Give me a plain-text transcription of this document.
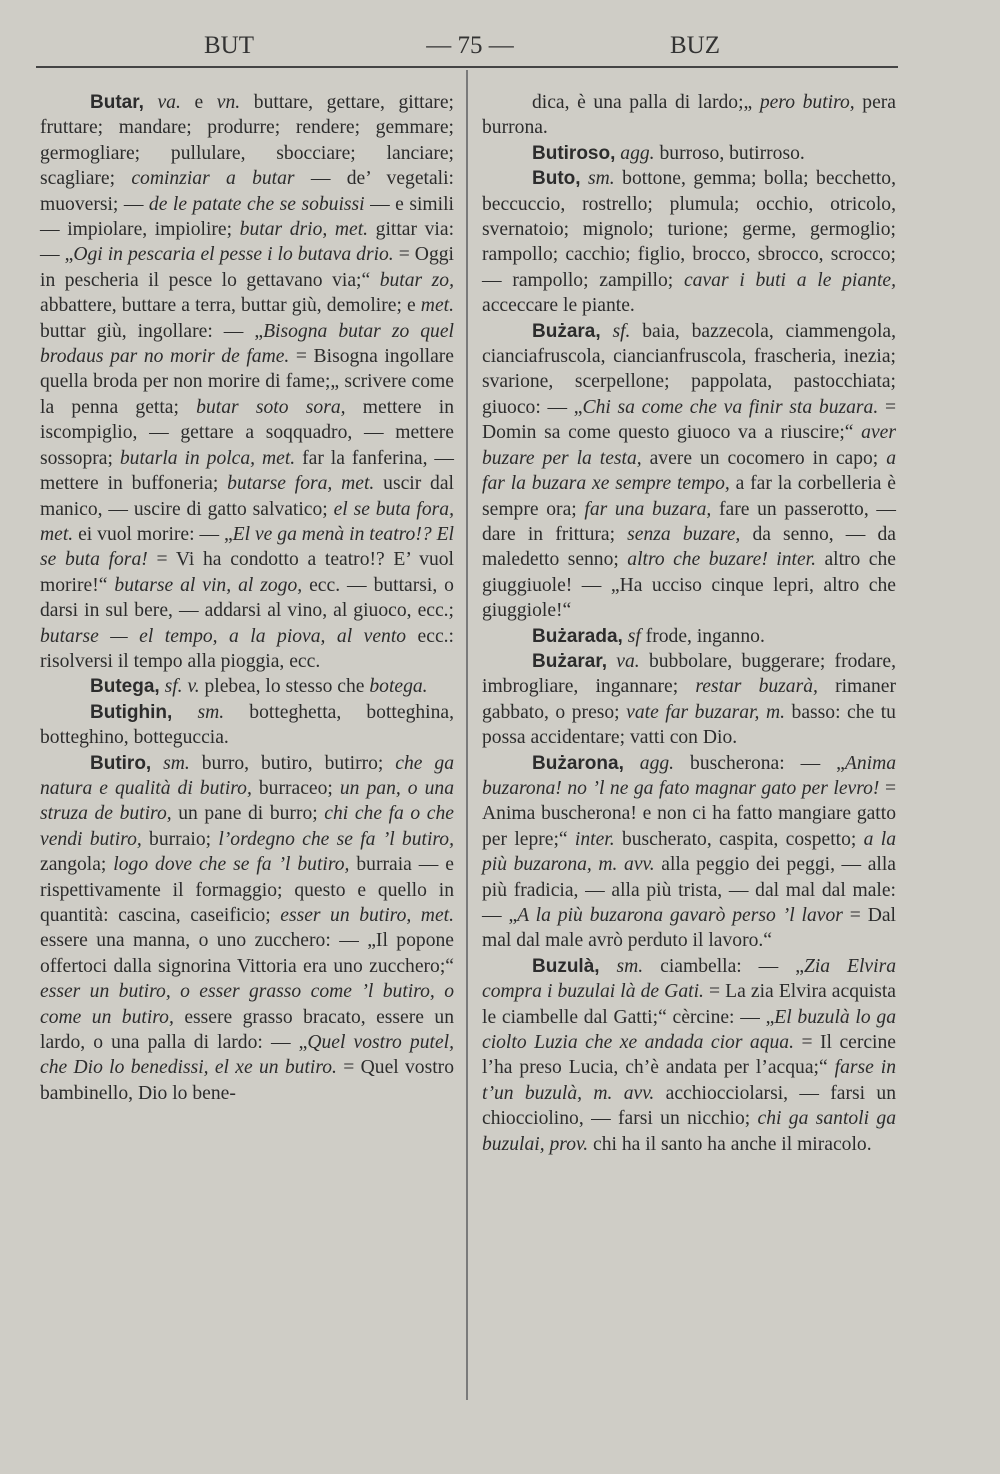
BUT	— 75 —	BUZ

Butar, va. e vn. buttare, gettare, gittare; fruttare; mandare; produrre; rendere; gemmare; germogliare; pullulare, sbocciare; lanciare; scagliare; cominziar a butar — de’ vegetali: muoversi; — de le patate che se sobuissi — e simili — impiolare, impiolire; butar drio, met. gittar via: — „Ogi in pescaria el pesse i lo butava drio. = Oggi in pescheria il pesce lo gettavano via;“ butar zo, abbattere, buttare a terra, buttar giù, demolire; e met. buttar giù, ingollare: — „Bisogna butar zo quel brodaus par no morir de fame. = Bisogna ingollare quella broda per non morire di fame;„ scrivere come la penna getta; butar soto sora, mettere in iscompiglio, — gettare a soqquadro, — mettere sossopra; butarla in polca, met. far la fanferina, — mettere in buffoneria; butarse fora, met. uscir dal manico, — uscire di gatto salvatico; el se buta fora, met. ei vuol morire: — „El ve ga menà in teatro!? El se buta fora! = Vi ha condotto a teatro!? E’ vuol morire!“ butarse al vin, al zogo, ecc. — buttarsi, o darsi in sul bere, — addarsi al vino, al giuoco, ecc.; butarse — el tempo, a la piova, al vento ecc.: risolversi il tempo alla pioggia, ecc.

Butega, sf. v. plebea, lo stesso che botega.

Butighin, sm. botteghetta, botteghina, botteghino, botteguccia.

Butiro, sm. burro, butiro, butirro; che ga natura e qualità di butiro, burraceo; un pan, o una struza de butiro, un pane di burro; chi che fa o che vendi butiro, burraio; l’ordegno che se fa ’l butiro, zangola; logo dove che se fa ’l butiro, burraia — e rispettivamente il formaggio; questo e quello in quantità: cascina, caseificio; esser un butiro, met. essere una manna, o uno zucchero: — „Il popone offertoci dalla signorina Vittoria era uno zucchero;“ esser un butiro, o esser grasso come ’l butiro, o come un butiro, essere grasso bracato, essere un lardo, o una palla di lardo: — „Quel vostro putel, che Dio lo benedissi, el xe un butiro. = Quel vostro bambinello, Dio lo bene-

dica, è una palla di lardo;„ pero butiro, pera burrona.

Butiroso, agg. burroso, butirroso.

Buto, sm. bottone, gemma; bolla; becchetto, beccuccio, rostrello; plumula; occhio, otricolo, svernatoio; mignolo; turione; germe, germoglio; rampollo; cacchio; figlio, brocco, sbrocco, scrocco; — rampollo; zampillo; cavar i buti a le piante, acceccare le piante.

Bużara, sf. baia, bazzecola, ciammengola, cianciafruscola, ciancianfruscola, frascheria, inezia; svarione, scerpellone; pappolata, pastocchiata; giuoco: — „Chi sa come che va finir sta buzara. = Domin sa come questo giuoco va a riuscire;“ aver buzare per la testa, avere un cocomero in capo; a far la buzara xe sempre tempo, a far la corbelleria è sempre ora; far una buzara, fare un passerotto, — dare in frittura; senza buzare, da senno, — da maledetto senno; altro che buzare! inter. altro che giuggiuole! — „Ha ucciso cinque lepri, altro che giuggiole!“

Bużarada, sf frode, inganno.

Bużarar, va. bubbolare, buggerare; frodare, imbrogliare, ingannare; restar buzarà, rimaner gabbato, o preso; vate far buzarar, m. basso: che tu possa accidentare; vatti con Dio.

Bużarona, agg. buscherona: — „Anima buzarona! no ’l ne ga fato magnar gato per levro! = Anima buscherona! e non ci ha fatto mangiare gatto per lepre;“ inter. buscherato, caspita, cospetto; a la più buzarona, m. avv. alla peggio dei peggi, — alla più fradicia, — alla più trista, — dal mal dal male: — „A la più buzarona gavarò perso ’l lavor = Dal mal dal male avrò perduto il lavoro.“

Buzulà, sm. ciambella: — „Zia Elvira compra i buzulai là de Gati. = La zia Elvira acquista le ciambelle dal Gatti;“ cèrcine: — „El buzulà lo ga ciolto Luzia che xe andada cior aqua. = Il cercine l’ha preso Lucia, ch’è andata per l’acqua;“ farse in t’un buzulà, m. avv. acchiocciolarsi, — farsi un chiocciolino, — farsi un nicchio; chi ga santoli ga buzulai, prov. chi ha il santo ha anche il miracolo.
